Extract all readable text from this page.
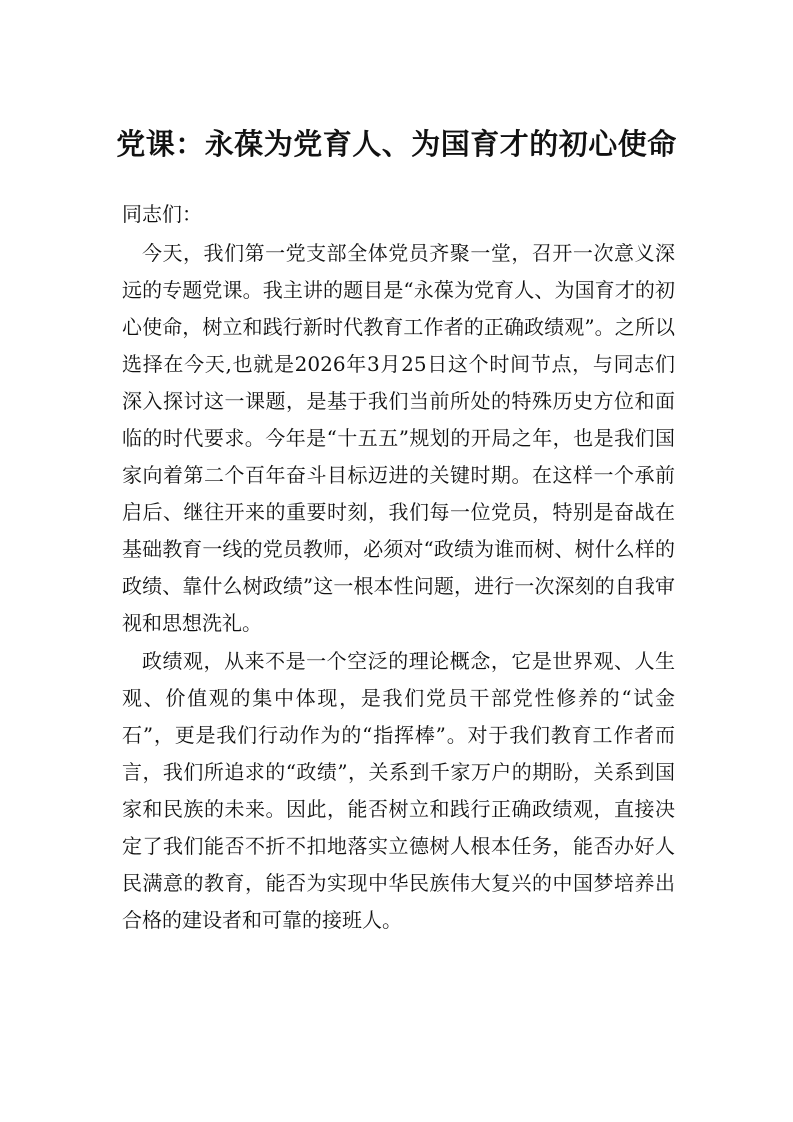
党课：永葆为党育人、为国育才的初心使命

同志们：

今天，我们第一党支部全体党员齐聚一堂，召开一次意义深远的专题党课。我主讲的题目是“永葆为党育人、为国育才的初心使命，树立和践行新时代教育工作者的正确政绩观”。之所以选择在今天,也就是2026年3月25日这个时间节点，与同志们深入探讨这一课题，是基于我们当前所处的特殊历史方位和面临的时代要求。今年是“十五五”规划的开局之年，也是我们国家向着第二个百年奋斗目标迈进的关键时期。在这样一个承前启后、继往开来的重要时刻，我们每一位党员，特别是奋战在基础教育一线的党员教师，必须对“政绩为谁而树、树什么样的政绩、靠什么树政绩”这一根本性问题，进行一次深刻的自我审视和思想洗礼。

政绩观，从来不是一个空泛的理论概念，它是世界观、人生观、价值观的集中体现，是我们党员干部党性修养的“试金石”，更是我们行动作为的“指挥棒”。对于我们教育工作者而言，我们所追求的“政绩”，关系到千家万户的期盼，关系到国家和民族的未来。因此，能否树立和践行正确政绩观，直接决定了我们能否不折不扣地落实立德树人根本任务，能否办好人民满意的教育，能否为实现中华民族伟大复兴的中国梦培养出合格的建设者和可靠的接班人。
